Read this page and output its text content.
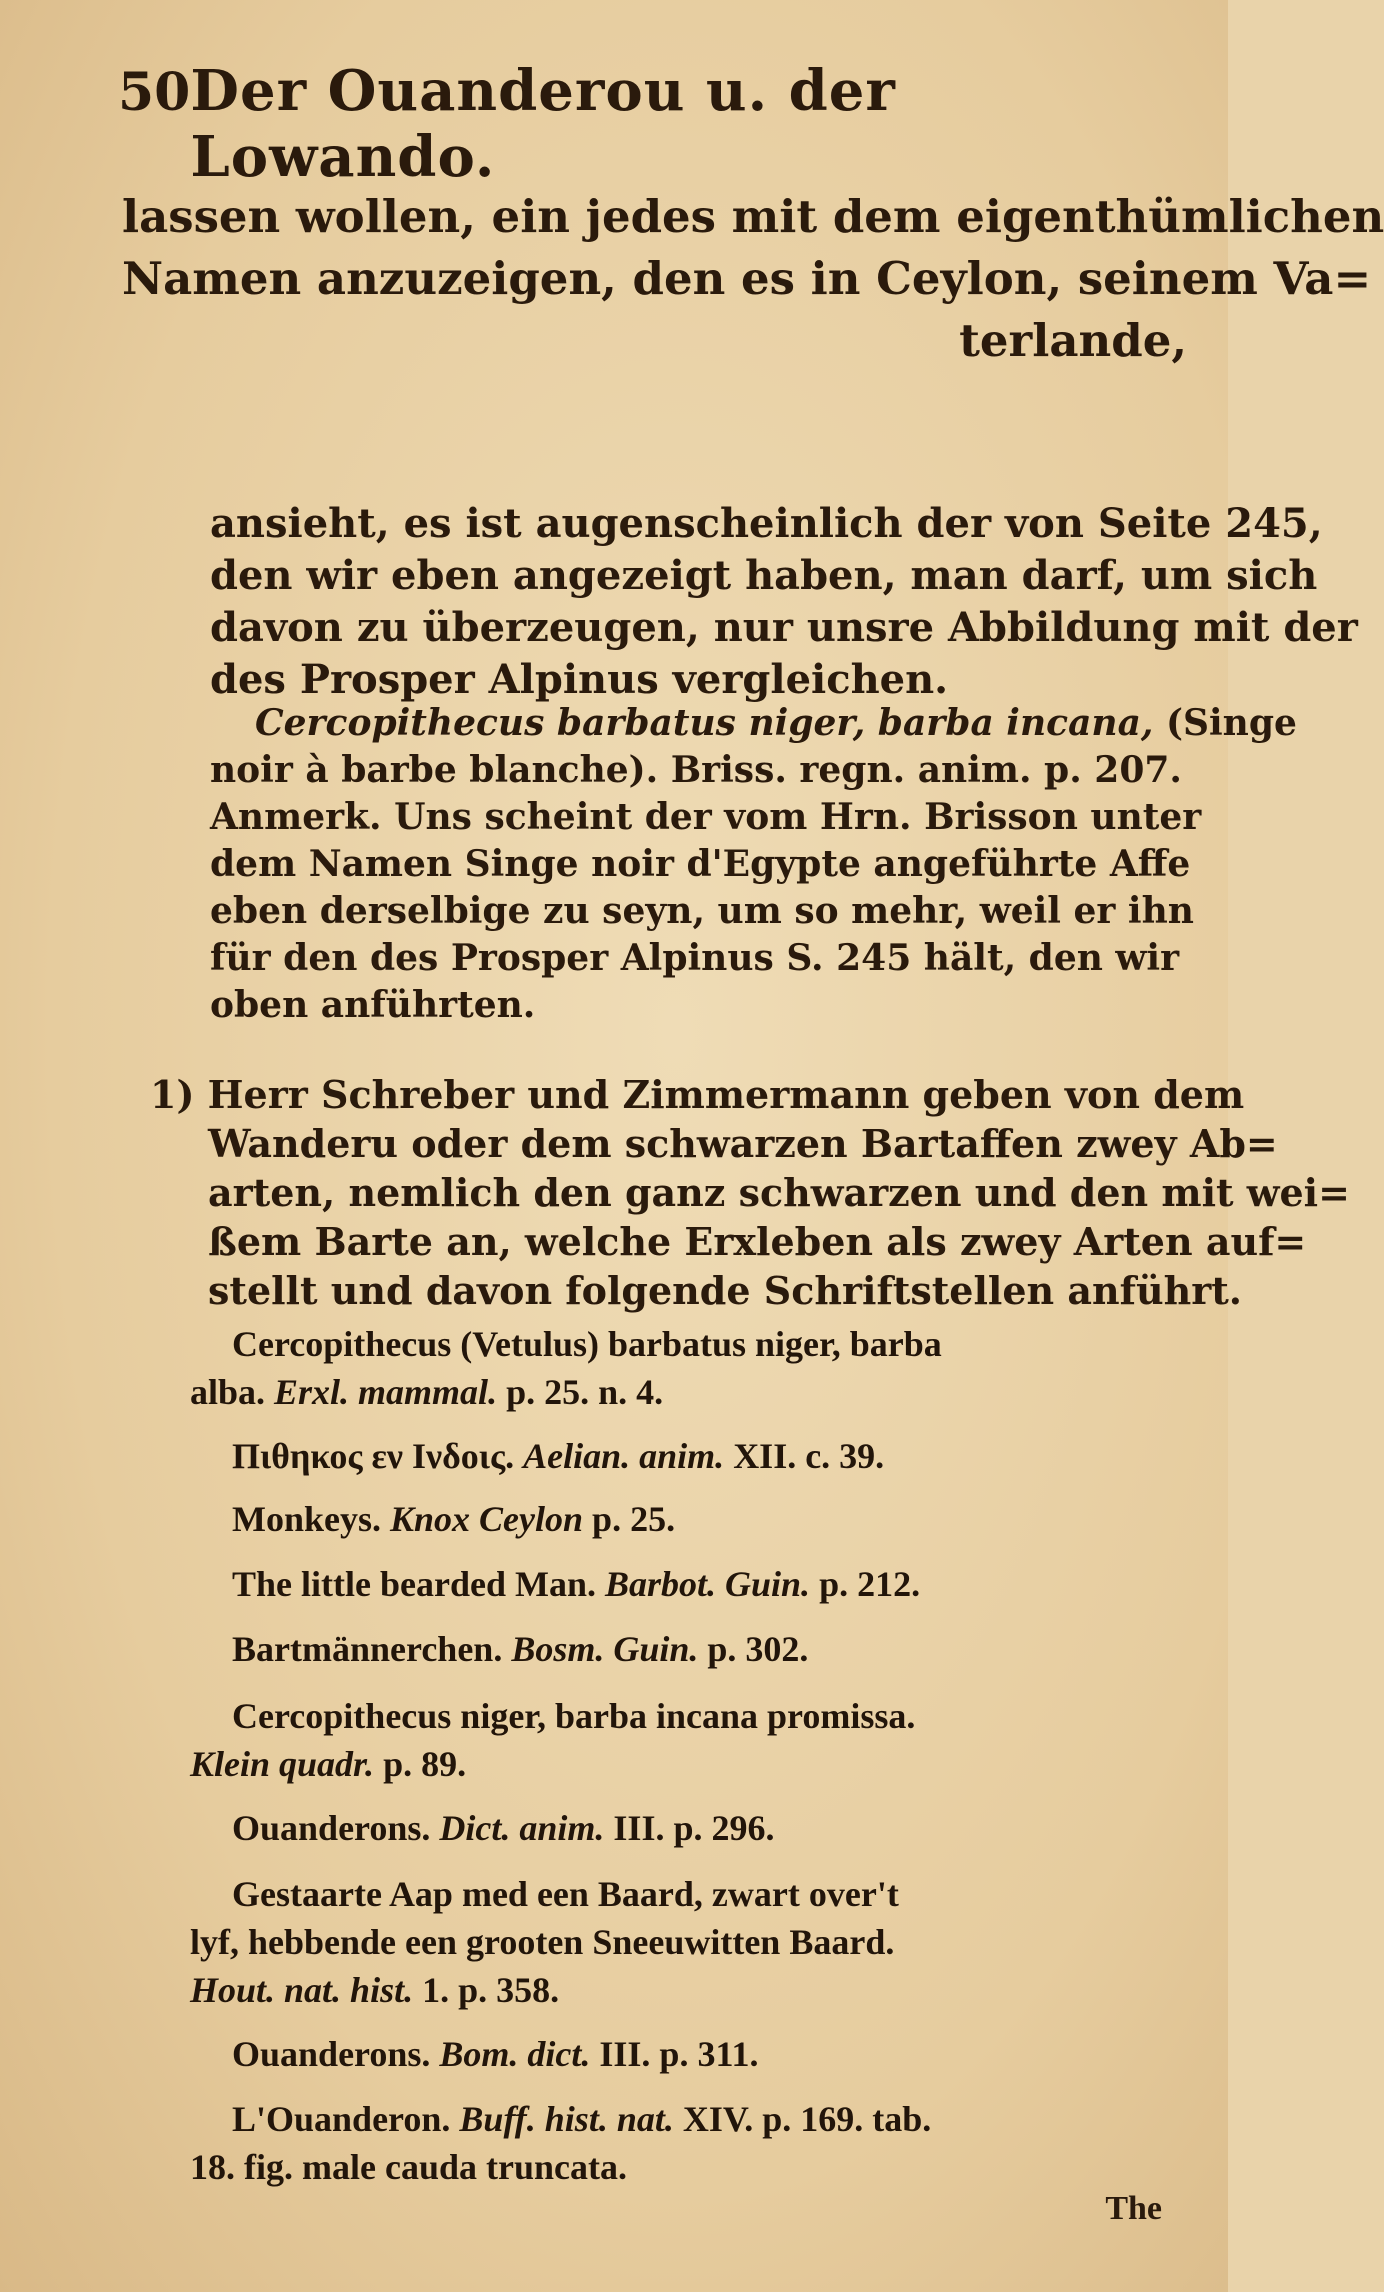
50 Der Ouanderou u. der Lowando.
lassen wollen, ein jedes mit dem eigenthümlichen
Namen anzuzeigen, den es in Ceylon, seinem Va=
terlande,
ansieht, es ist augenscheinlich der von Seite 245,
den wir eben angezeigt haben, man darf, um sich
davon zu überzeugen, nur unsre Abbildung mit der
des Prosper Alpinus vergleichen.
Cercopithecus barbatus niger, barba incana, (Singe
noir à barbe blanche). Briss. regn. anim. p. 207.
Anmerk. Uns scheint der vom Hrn. Brisson unter
dem Namen Singe noir d'Egypte angeführte Affe
eben derselbige zu seyn, um so mehr, weil er ihn
für den des Prosper Alpinus S. 245 hält, den wir
oben anführten.
1) Herr Schreber und Zimmermann geben von dem
Wanderu oder dem schwarzen Bartaffen zwey Ab=
arten, nemlich den ganz schwarzen und den mit wei=
ßem Barte an, welche Erxleben als zwey Arten auf=
stellt und davon folgende Schriftstellen anführt.
Cercopithecus (Vetulus) barbatus niger, barba
alba. Erxl. mammal. p. 25. n. 4.
Πιθηκος εν Ινδοις. Aelian. anim. XII. c. 39.
Monkeys. Knox Ceylon p. 25.
The little bearded Man. Barbot. Guin. p. 212.
Bartmännerchen. Bosm. Guin. p. 302.
Cercopithecus niger, barba incana promissa.
Klein quadr. p. 89.
Ouanderons. Dict. anim. III. p. 296.
Gestaarte Aap med een Baard, zwart over't
lyf, hebbende een grooten Sneeuwitten Baard.
Hout. nat. hist. 1. p. 358.
Ouanderons. Bom. dict. III. p. 311.
L'Ouanderon. Buff. hist. nat. XIV. p. 169. tab.
18. fig. male cauda truncata.
The
